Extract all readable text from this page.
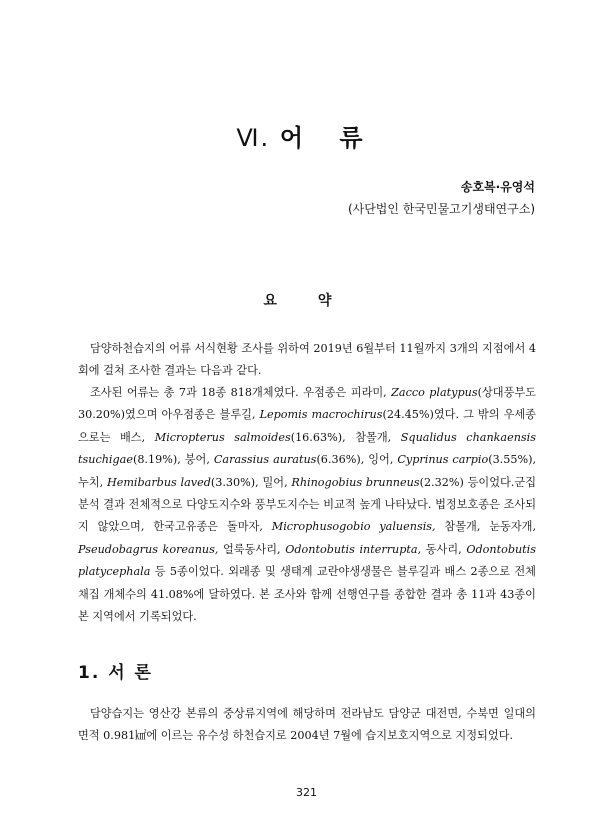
Ⅵ. 어 류
송호복·유영석
(사단법인 한국민물고기생태연구소)
요 약

담양하천습지의 어류 서식현황 조사를 위하여 2019년 6월부터 11월까지 3개의 지점에서 4회에 걸쳐 조사한 결과는 다음과 같다.

조사된 어류는 총 7과 18종 818개체였다. 우점종은 피라미, Zacco platypus(상대풍부도 30.20%)였으며 아우점종은 블루길, Lepomis macrochirus(24.45%)였다. 그 밖의 우세종으로는 배스, Micropterus salmoides(16.63%), 참몰개, Squalidus chankaensis tsuchigae(8.19%), 붕어, Carassius auratus(6.36%), 잉어, Cyprinus carpio(3.55%), 누치, Hemibarbus laved(3.30%), 밀어, Rhinogobius brunneus(2.32%) 등이었다.군집분석 결과 전체적으로 다양도지수와 풍부도지수는 비교적 높게 나타났다. 법정보호종은 조사되지 않았으며, 한국고유종은 돌마자, Microphusogobio yaluensis, 참몰개, 눈동자개, Pseudobagrus koreanus, 얼룩동사리, Odontobutis interrupta, 동사리, Odontobutis platycephala 등 5종이었다. 외래종 및 생태계 교란야생생물은 블루길과 배스 2종으로 전체 채집 개체수의 41.08%에 달하였다. 본 조사와 함께 선행연구를 종합한 결과 총 11과 43종이 본 지역에서 기록되었다.

1. 서 론

담양습지는 영산강 본류의 중상류지역에 해당하며 전라남도 담양군 대전면, 수북면 일대의 면적 0.981㎢에 이르는 유수성 하천습지로 2004년 7월에 습지보호지역으로 지정되었다.

321
